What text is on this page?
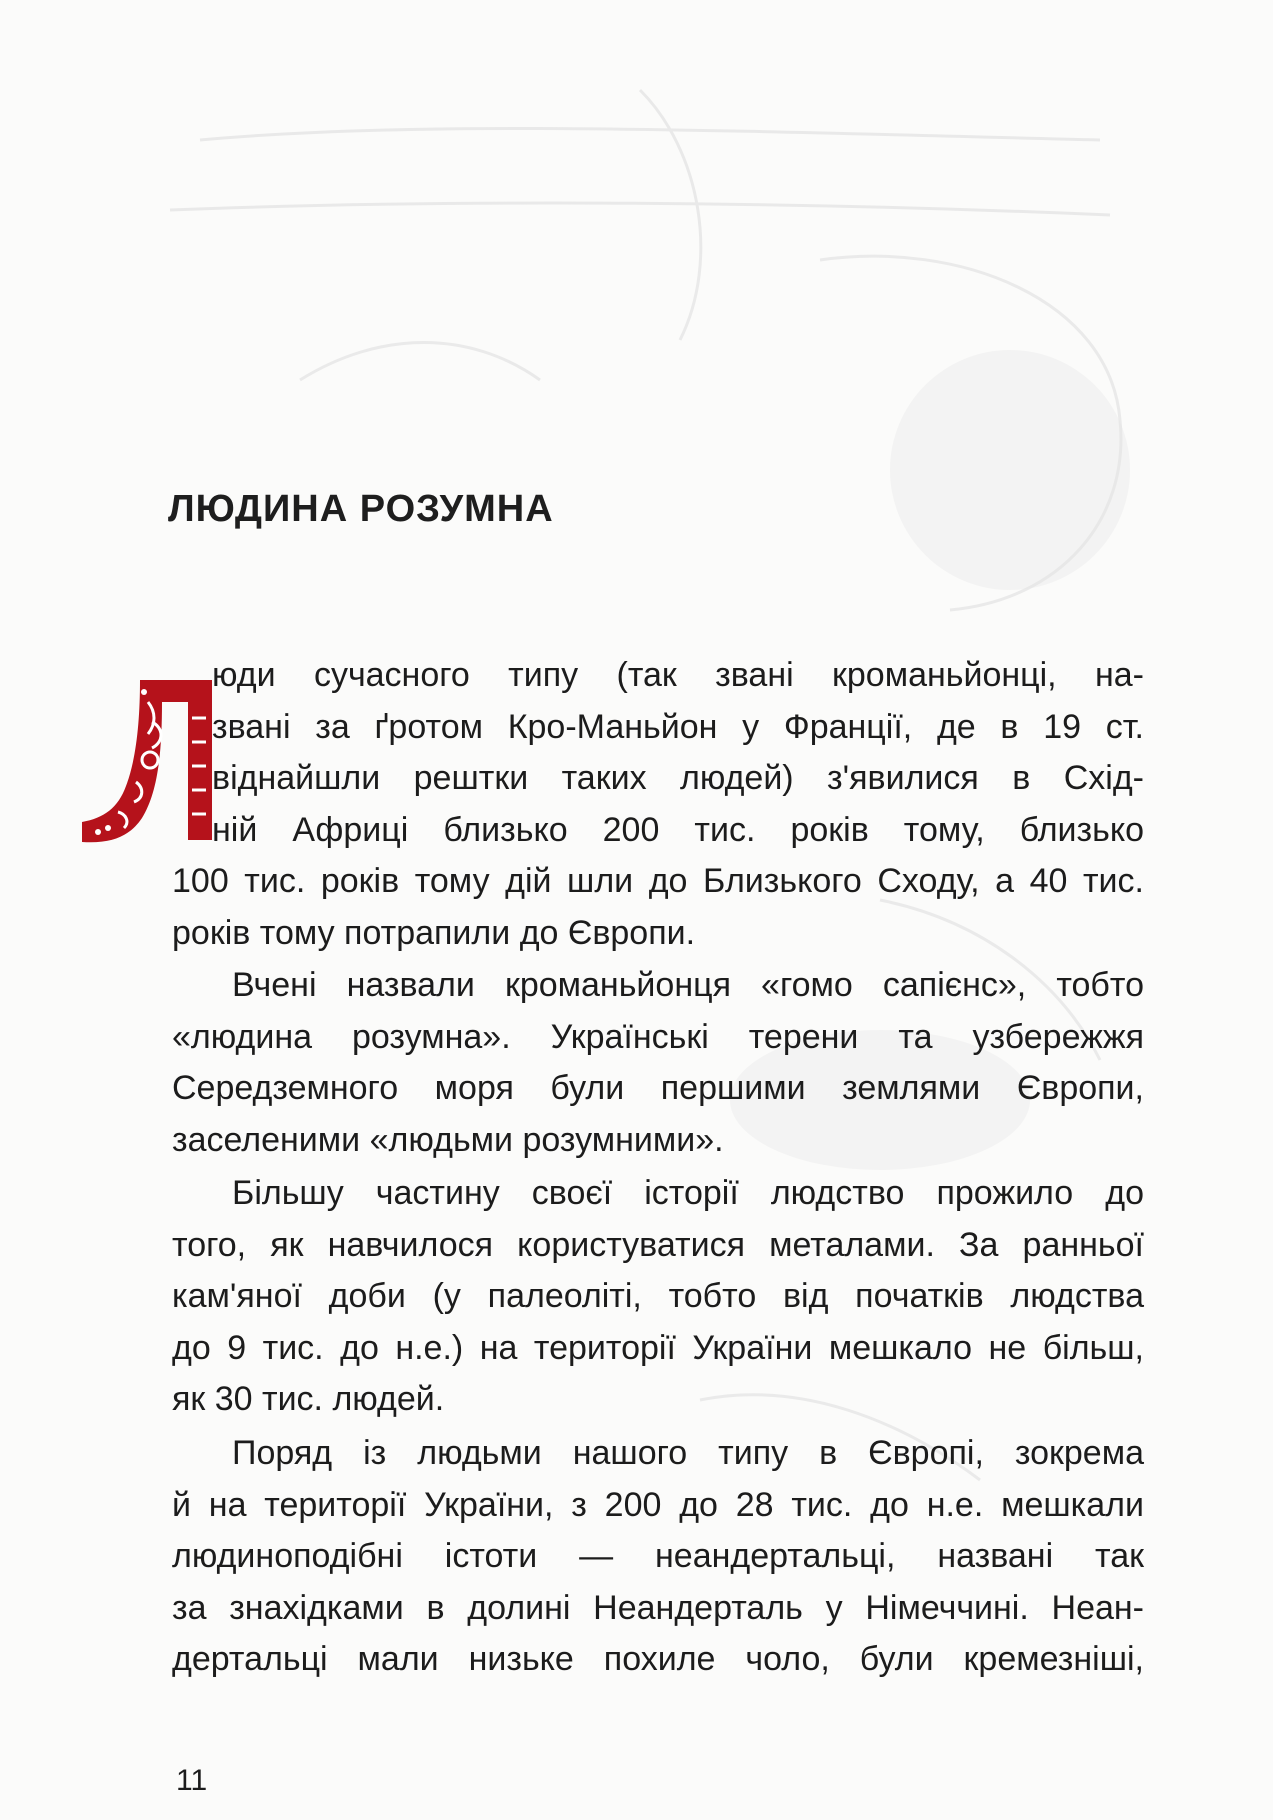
ЛЮДИНА РОЗУМНА
юди сучасного типу (так звані кроманьйонці, на-
звані за ґротом Кро-Маньйон у Франції, де в 19 ст.
віднайшли рештки таких людей) з'явилися в Схід-
ній Африці близько 200 тис. років тому, близько
100 тис. років тому дій шли до Близького Сходу, а 40 тис.
років тому потрапили до Європи.
Вчені назвали кроманьйонця «гомо сапієнс», тобто
«людина розумна». Українські терени та узбережжя
Середземного моря були першими землями Європи,
заселеними «людьми розумними».
Більшу частину своєї історії людство прожило до
того, як навчилося користуватися металами. За ранньої
кам'яної доби (у палеоліті, тобто від початків людства
до 9 тис. до н.е.) на території України мешкало не більш,
як 30 тис. людей.
Поряд із людьми нашого типу в Європі, зокрема
й на території України, з 200 до 28 тис. до н.е. мешкали
людиноподібні істоти — неандертальці, названі так
за знахідками в долині Неандерталь у Німеччині. Неан-
дертальці мали низьке похиле чоло, були кремезніші,
11
